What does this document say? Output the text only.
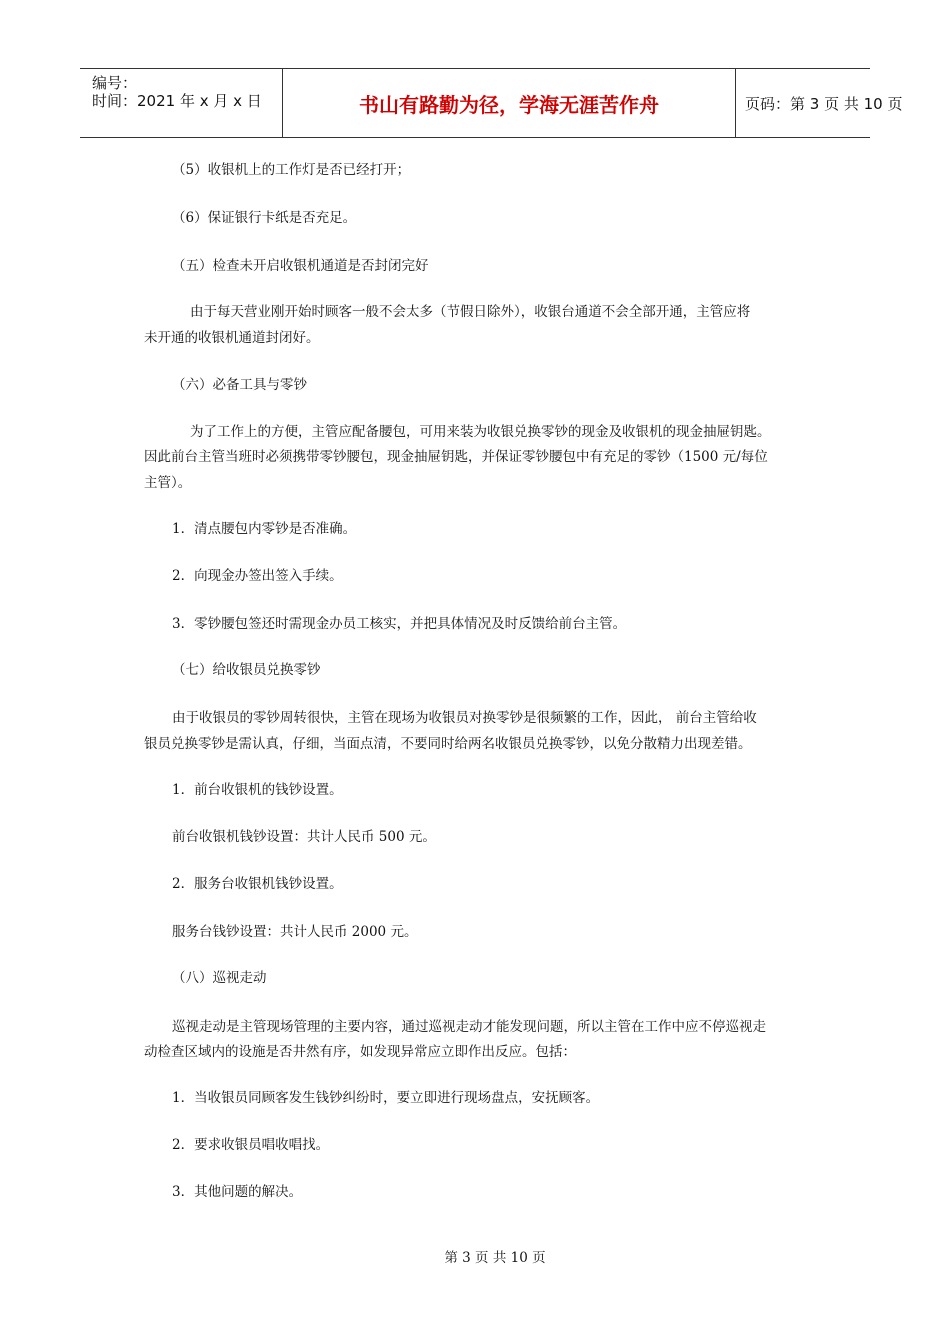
编号：
时间：2021 年 x 月 x 日	书山有路勤为径，学海无涯苦作舟	页码：第 3 页 共 10 页
（5）收银机上的工作灯是否已经打开；
（6）保证银行卡纸是否充足。
（五）检查未开启收银机通道是否封闭完好
由于每天营业刚开始时顾客一般不会太多（节假日除外），收银台通道不会全部开通，主管应将
未开通的收银机通道封闭好。
（六）必备工具与零钞
为了工作上的方便，主管应配备腰包，可用来装为收银兑换零钞的现金及收银机的现金抽屉钥匙。
因此前台主管当班时必须携带零钞腰包，现金抽屉钥匙，并保证零钞腰包中有充足的零钞（1500 元/每位
主管）。
1．清点腰包内零钞是否准确。
2．向现金办签出签入手续。
3．零钞腰包签还时需现金办员工核实，并把具体情况及时反馈给前台主管。
（七）给收银员兑换零钞
由于收银员的零钞周转很快，主管在现场为收银员对换零钞是很频繁的工作，因此， 前台主管给收
银员兑换零钞是需认真，仔细，当面点清，不要同时给两名收银员兑换零钞，以免分散精力出现差错。
1．前台收银机的钱钞设置。
前台收银机钱钞设置：共计人民币 500 元。
2．服务台收银机钱钞设置。
服务台钱钞设置：共计人民币 2000 元。
（八）巡视走动
巡视走动是主管现场管理的主要内容，通过巡视走动才能发现问题，所以主管在工作中应不停巡视走
动检查区域内的设施是否井然有序，如发现异常应立即作出反应。包括：
1．当收银员同顾客发生钱钞纠纷时，要立即进行现场盘点，安抚顾客。
2．要求收银员唱收唱找。
3．其他问题的解决。
第 3 页 共 10 页
